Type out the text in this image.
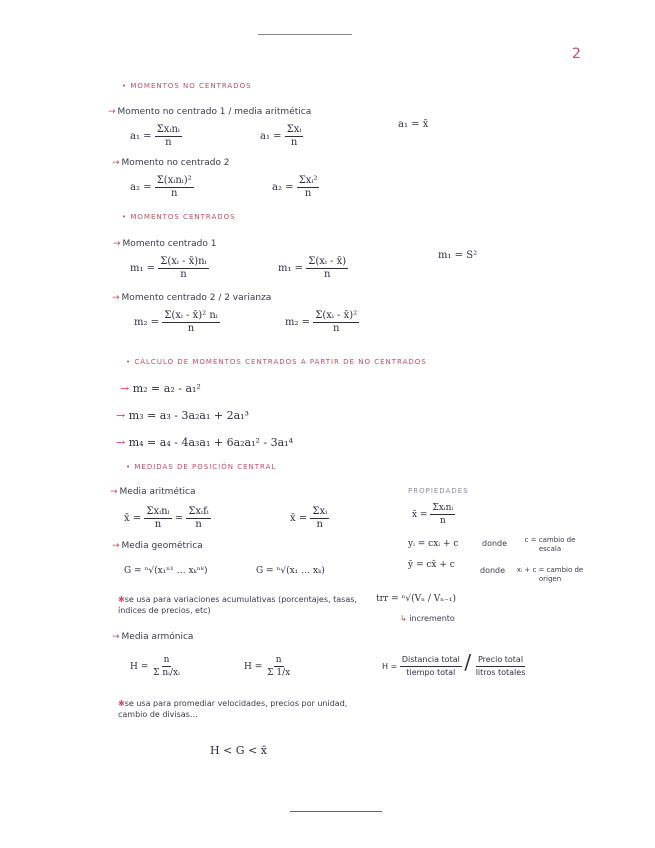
2
• MOMENTOS NO CENTRADOS
→ Momento no centrado 1 / media aritmética
$a_1 = \frac{\text{Σxᵢnᵢ}}{n}$	$a_1 = \frac{\text{Σxᵢ}}{n}$	a₁ = x̄
→ Momento no centrado 2
$a_2 = \frac{\text{Σ(xᵢnᵢ)²}}{n}$	$a_2 = \frac{\text{Σxᵢ²}}{n}$
• MOMENTOS CENTRADOS
→ Momento centrado 1
$m_1 = \frac{\text{Σ(xᵢ - x̄)nᵢ}}{n}$	$m_1 = \frac{\text{Σ(xᵢ - x̄)}}{n}$
m₁ = S²
→ Momento centrado 2 / 2 varianza
$m_2 = \frac{\text{Σ(xᵢ - x̄)² nᵢ}}{n}$	$m_2 = \frac{\text{Σ(xᵢ - x̄)²}}{n}$
• CÁLCULO DE MOMENTOS CENTRADOS A PARTIR DE NO CENTRADOS
→ m₂ = a₂ - a₁²
→ m₃ = a₃ - 3a₂a₁ + 2a₁³
→ m₄ = a₄ - 4a₃a₁ + 6a₂a₁² - 3a₁⁴
• MEDIDAS DE POSICIÓN CENTRAL
→ Media aritmética
x̄ = $\frac{\text{Σxᵢnᵢ}}{n} = \frac{\text{Σxᵢfᵢ}}{n}$	x̄ = $\frac{\text{Σxᵢ}}{n}$
PROPIEDADES
x̄ = $\frac{\text{Σxᵢnᵢ}}{n}$
yᵢ = cxᵢ + c	donde	c = cambio de escala
ȳ = cx̄ + c
donde xᵢ + c = cambio de origen
→ Media geométrica
G = ⁿ√(x₁ⁿ¹ … xₖⁿᵏ)	G = ⁿ√(x₁ … xₖ)
✱se usa para variaciones acumulativas (porcentajes, tasas, índices de precios, etc)
trr = ⁿ√(Vₙ / Vₙ₋₁)
↳ incremento
→ Media armónica
$H = \frac{n}{\text{Σ nᵢ/xᵢ}}$	$H = \frac{n}{\Sigma 1/x}$	$H = \frac{\text{Distancia total}}{\text{tiempo total}} / \frac{\text{Precio total}}{\text{litros totales}}$
✱se usa para promediar velocidades, precios por unidad, cambio de divisas…
H < G < x̄
